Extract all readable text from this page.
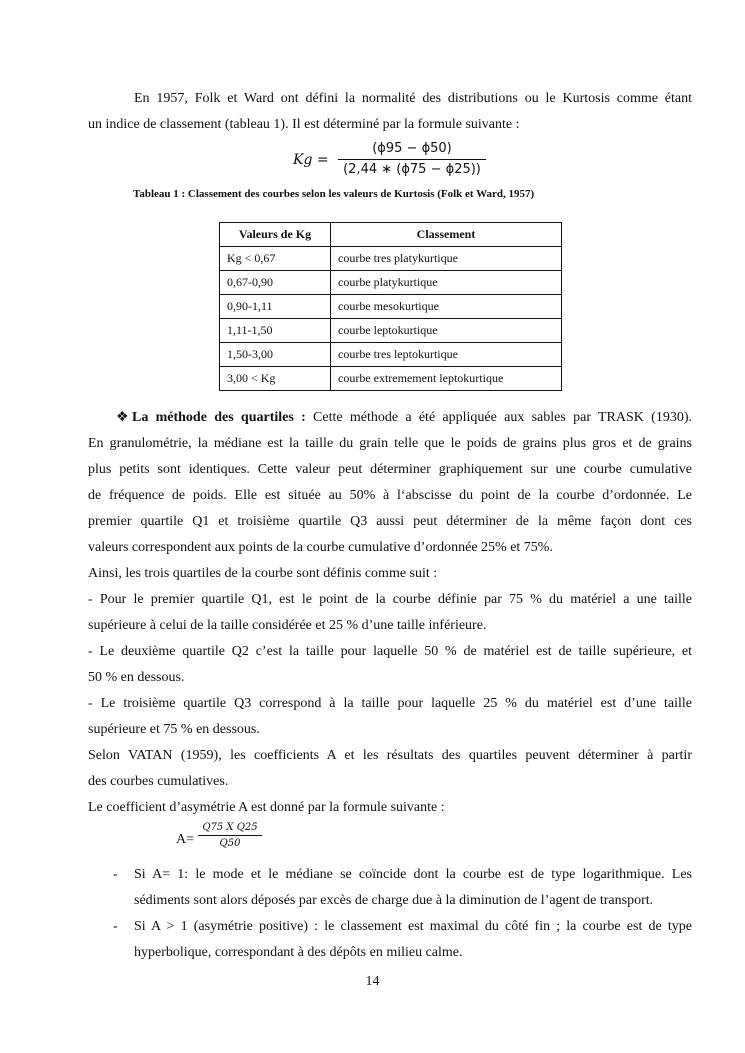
En 1957, Folk et Ward ont défini la normalité des distributions ou le Kurtosis comme étant

un indice de classement (tableau 1). Il est déterminé par la formule suivante :

Kg =
(ϕ95 − ϕ50)
(2,44 ∗ (ϕ75 − ϕ25))
Tableau 1 : Classement des courbes selon les valeurs de Kurtosis (Folk et Ward, 1957)
Valeurs de Kg	Classement
Kg < 0,67	courbe tres platykurtique
0,67-0,90	courbe platykurtique
0,90-1,11	courbe mesokurtique
1,11-1,50	courbe leptokurtique
1,50-3,00	courbe tres leptokurtique
3,00 < Kg	courbe extremement leptokurtique

❖ La méthode des quartiles : Cette méthode a été appliquée aux sables par TRASK (1930).

En granulométrie, la médiane est la taille du grain telle que le poids de grains plus gros et de grains

plus petits sont identiques. Cette valeur peut déterminer graphiquement sur une courbe cumulative

de fréquence de poids. Elle est située au 50% à l‘abscisse du point de la courbe d’ordonnée. Le

premier quartile Q1 et troisième quartile Q3 aussi peut déterminer de la même façon dont ces

valeurs correspondent aux points de la courbe cumulative d’ordonnée 25% et 75%.

Ainsi, les trois quartiles de la courbe sont définis comme suit :

- Pour le premier quartile Q1, est le point de la courbe définie par 75 % du matériel a une taille

supérieure à celui de la taille considérée et 25 % d’une taille inférieure.

- Le deuxième quartile Q2 c’est la taille pour laquelle 50 % de matériel est de taille supérieure, et

50 % en dessous.

- Le troisième quartile Q3 correspond à la taille pour laquelle 25 % du matériel est d’une taille

supérieure et 75 % en dessous.

Selon VATAN (1959), les coefficients A et les résultats des quartiles peuvent déterminer à partir

des courbes cumulatives.

Le coefficient d’asymétrie A est donné par la formule suivante :

A=
Q75 X Q25
Q50
- Si A= 1: le mode et le médiane se coïncide dont la courbe est de type logarithmique. Les
sédiments sont alors déposés par excès de charge due à la diminution de l’agent de transport.
- Si A > 1 (asymétrie positive) : le classement est maximal du côté fin ; la courbe est de type
hyperbolique, correspondant à des dépôts en milieu calme.
14
